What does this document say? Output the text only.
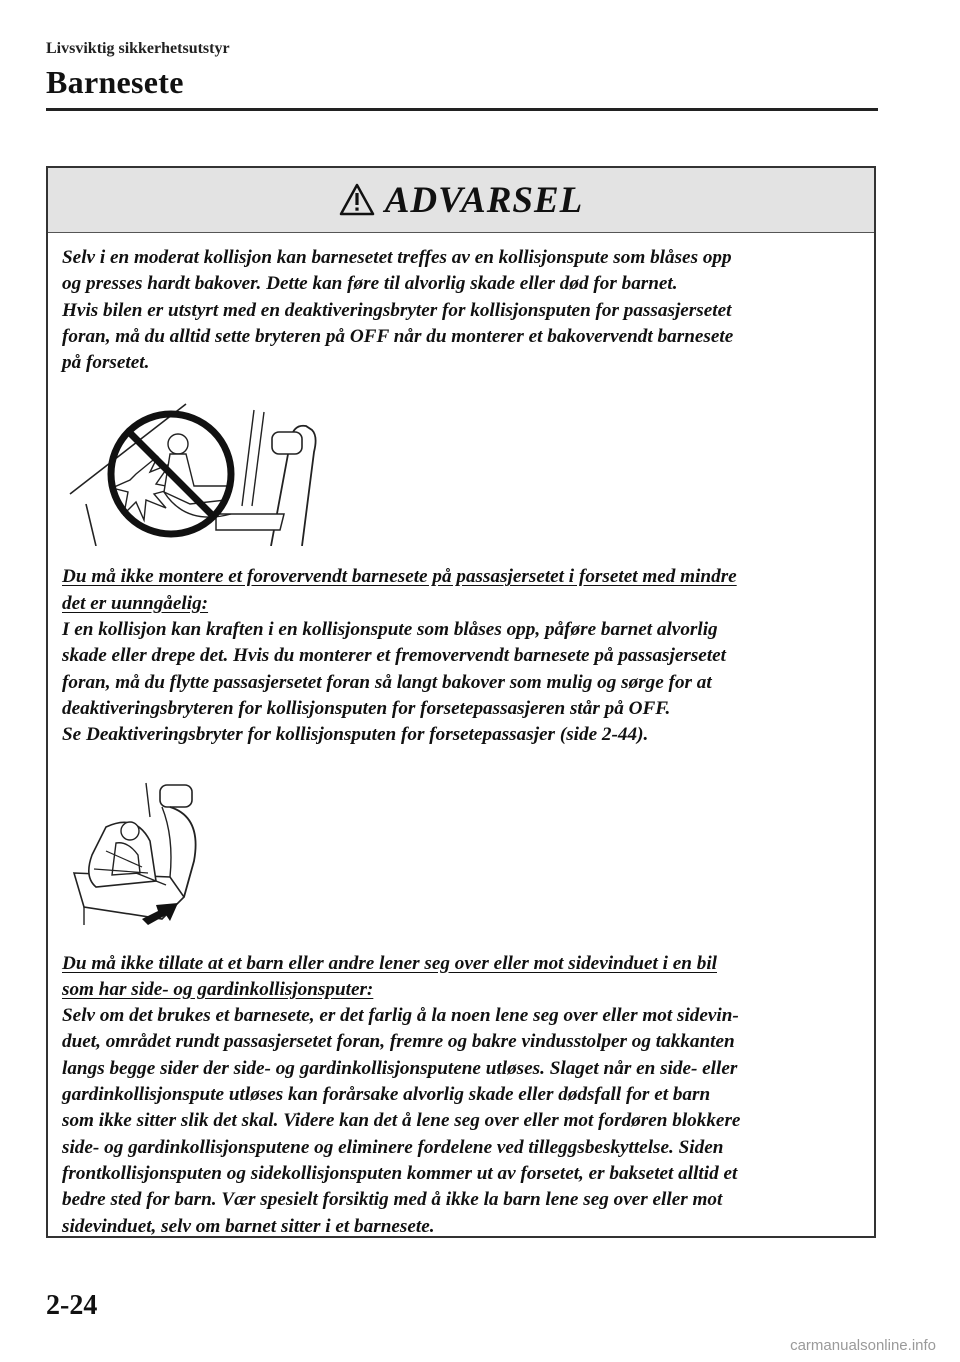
Livsviktig sikkerhetsutstyr
Barnesete
ADVARSEL

Selv i en moderat kollisjon kan barnesetet treffes av en kollisjonspute som blåses opp
og presses hardt bakover. Dette kan føre til alvorlig skade eller død for barnet.
Hvis bilen er utstyrt med en deaktiveringsbryter for kollisjonsputen for passasjersetet
foran, må du alltid sette bryteren på OFF når du monterer et bakovervendt barnesete
på forsetet.

Du må ikke montere et forovervendt barnesete på passasjersetet i forsetet med mindre
det er uunngåelig:

I en kollisjon kan kraften i en kollisjonspute som blåses opp, påføre barnet alvorlig
skade eller drepe det. Hvis du monterer et fremovervendt barnesete på passasjersetet
foran, må du flytte passasjersetet foran så langt bakover som mulig og sørge for at
deaktiveringsbryteren for kollisjonsputen for forsetepassasjeren står på OFF.
Se Deaktiveringsbryter for kollisjonsputen for forsetepassasjer (side 2-44).

Du må ikke tillate at et barn eller andre lener seg over eller mot sidevinduet i en bil
som har side- og gardinkollisjonsputer:

Selv om det brukes et barnesete, er det farlig å la noen lene seg over eller mot sidevin-
duet, området rundt passasjersetet foran, fremre og bakre vindusstolper og takkanten
langs begge sider der side- og gardinkollisjonsputene utløses. Slaget når en side- eller
gardinkollisjonspute utløses kan forårsake alvorlig skade eller dødsfall for et barn
som ikke sitter slik det skal. Videre kan det å lene seg over eller mot fordøren blokkere
side- og gardinkollisjonsputene og eliminere fordelene ved tilleggsbeskyttelse. Siden
frontkollisjonsputen og sidekollisjonsputen kommer ut av forsetet, er baksetet alltid et
bedre sted for barn. Vær spesielt forsiktig med å ikke la barn lene seg over eller mot
sidevinduet, selv om barnet sitter i et barnesete.

2-24
carmanualsonline.info
